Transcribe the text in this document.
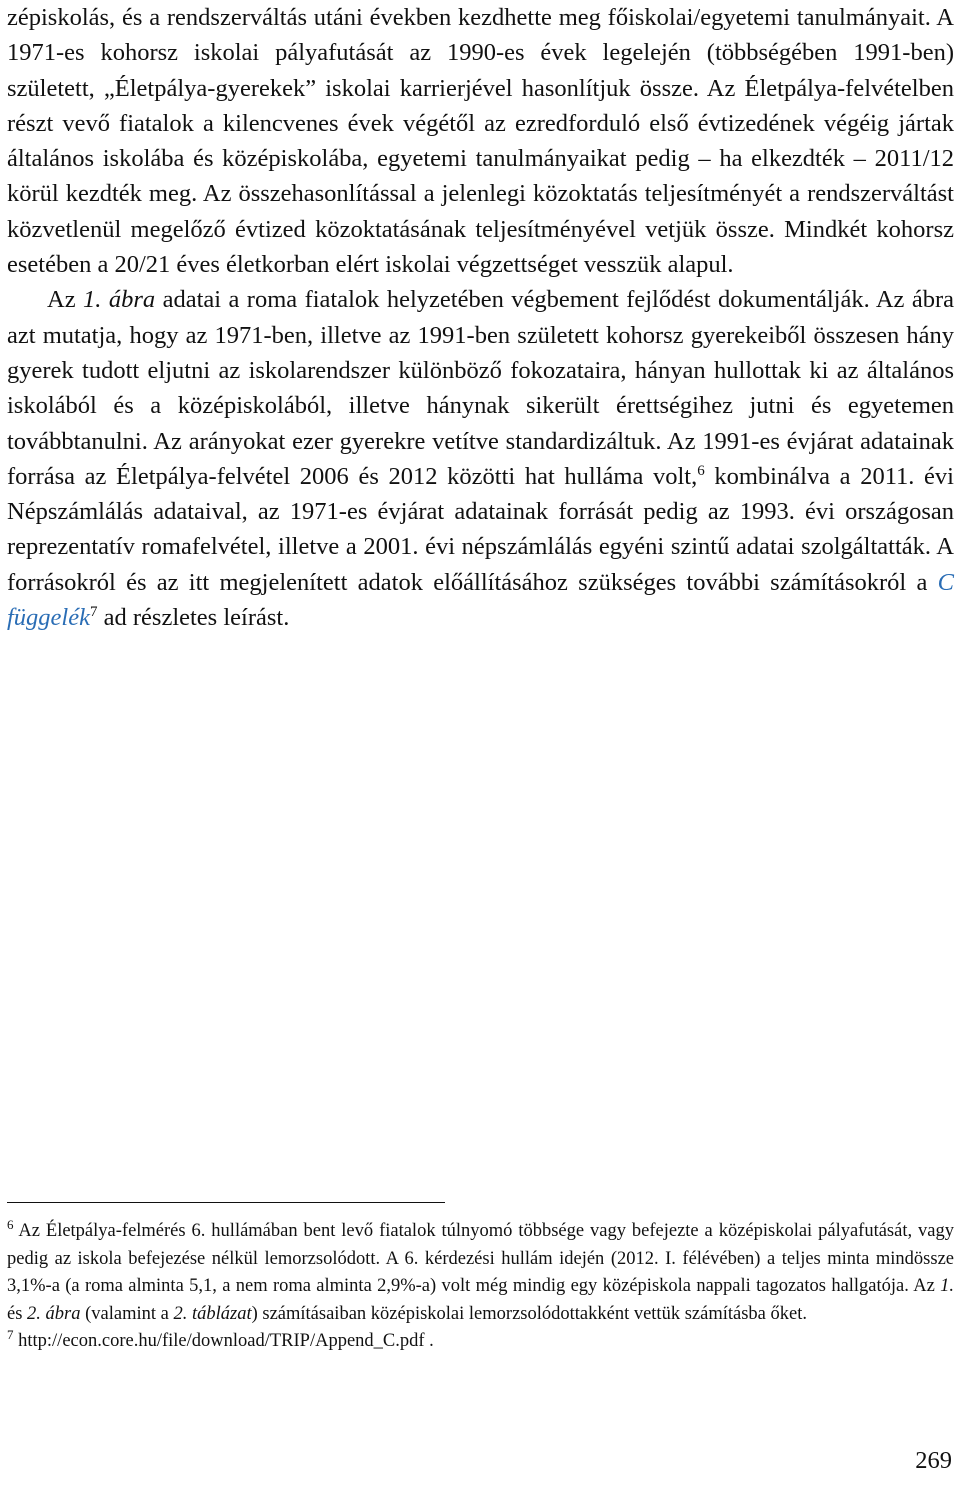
zépiskolás, és a rendszerváltás utáni években kezdhette meg főiskolai/egyetemi tanulmányait. A 1971-es kohorsz iskolai pályafutását az 1990-es évek legelején (többségében 1991-ben) született, „Életpálya-gyerekek” iskolai karrierjével hasonlítjuk össze. Az Életpálya-felvételben részt vevő fiatalok a kilencvenes évek végétől az ezredforduló első évtizedének végéig jártak általános iskolába és középiskolába, egyetemi tanulmányaikat pedig – ha elkezdték – 2011/12 körül kezdték meg. Az összehasonlítással a jelenlegi közoktatás teljesítményét a rendszerváltást közvetlenül megelőző évtized közoktatásának teljesítményével vetjük össze. Mindkét kohorsz esetében a 20/21 éves életkorban elért iskolai végzettséget vesszük alapul.

Az 1. ábra adatai a roma fiatalok helyzetében végbement fejlődést dokumentálják. Az ábra azt mutatja, hogy az 1971-ben, illetve az 1991-ben született kohorsz gyerekeiből összesen hány gyerek tudott eljutni az iskolarendszer különböző fokozataira, hányan hullottak ki az általános iskolából és a középiskolából, illetve hánynak sikerült érettségihez jutni és egyetemen továbbtanulni. Az arányokat ezer gyerekre vetítve standardizáltuk. Az 1991-es évjárat adatainak forrása az Életpálya-felvétel 2006 és 2012 közötti hat hulláma volt,$^6$ kombinálva a 2011. évi Népszámlálás adataival, az 1971-es évjárat adatainak forrását pedig az 1993. évi országosan reprezentatív romafelvétel, illetve a 2001. évi népszámlálás egyéni szintű adatai szolgáltatták. A forrásokról és az itt megjelenített adatok előállításához szükséges további számításokról a C függelék$^7$ ad részletes leírást.

$^6$ Az Életpálya-felmérés 6. hullámában bent levő fiatalok túlnyomó többsége vagy befejezte a középiskolai pályafutását, vagy pedig az iskola befejezése nélkül lemorzsolódott. A 6. kérdezési hullám idején (2012. I. félévében) a teljes minta mindössze 3,1%-a (a roma alminta 5,1, a nem roma alminta 2,9%-a) volt még mindig egy középiskola nappali tagozatos hallgatója. Az 1. és 2. ábra (valamint a 2. táblázat) számításaiban középiskolai lemorzsolódottakként vettük számításba őket.

$^7$ http://econ.core.hu/file/download/TRIP/Append_C.pdf .

269
